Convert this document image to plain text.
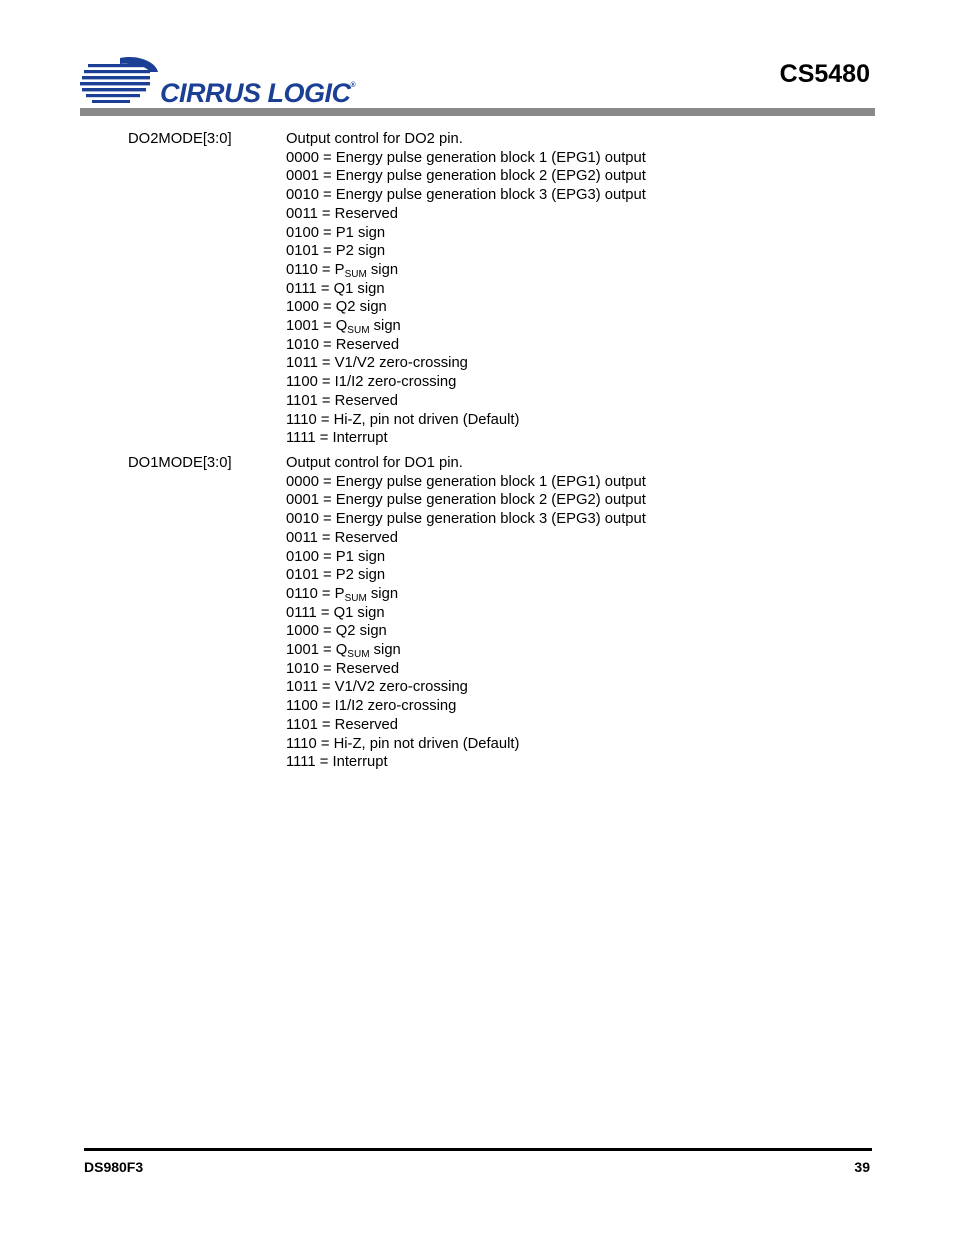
CIRRUS LOGIC®	CS5480
DO2MODE[3:0]	Output control for DO2 pin.
0000 = Energy pulse generation block 1 (EPG1) output
0001 = Energy pulse generation block 2 (EPG2) output
0010 = Energy pulse generation block 3 (EPG3) output
0011 = Reserved
0100 = P1 sign
0101 = P2 sign
$0110 = P_{SUM}$ sign
0111 = Q1 sign
1000 = Q2 sign
$1001 = Q_{SUM}$ sign
1010 = Reserved
1011 = V1/V2 zero-crossing
1100 = I1/I2 zero-crossing
1101 = Reserved
1110 = Hi-Z, pin not driven (Default)
1111 = Interrupt
DO1MODE[3:0]	Output control for DO1 pin.
0000 = Energy pulse generation block 1 (EPG1) output
0001 = Energy pulse generation block 2 (EPG2) output
0010 = Energy pulse generation block 3 (EPG3) output
0011 = Reserved
0100 = P1 sign
0101 = P2 sign
$0110 = P_{SUM}$ sign
0111 = Q1 sign
1000 = Q2 sign
$1001 = Q_{SUM}$ sign
1010 = Reserved
1011 = V1/V2 zero-crossing
1100 = I1/I2 zero-crossing
1101 = Reserved
1110 = Hi-Z, pin not driven (Default)
1111 = Interrupt
DS980F3	39
